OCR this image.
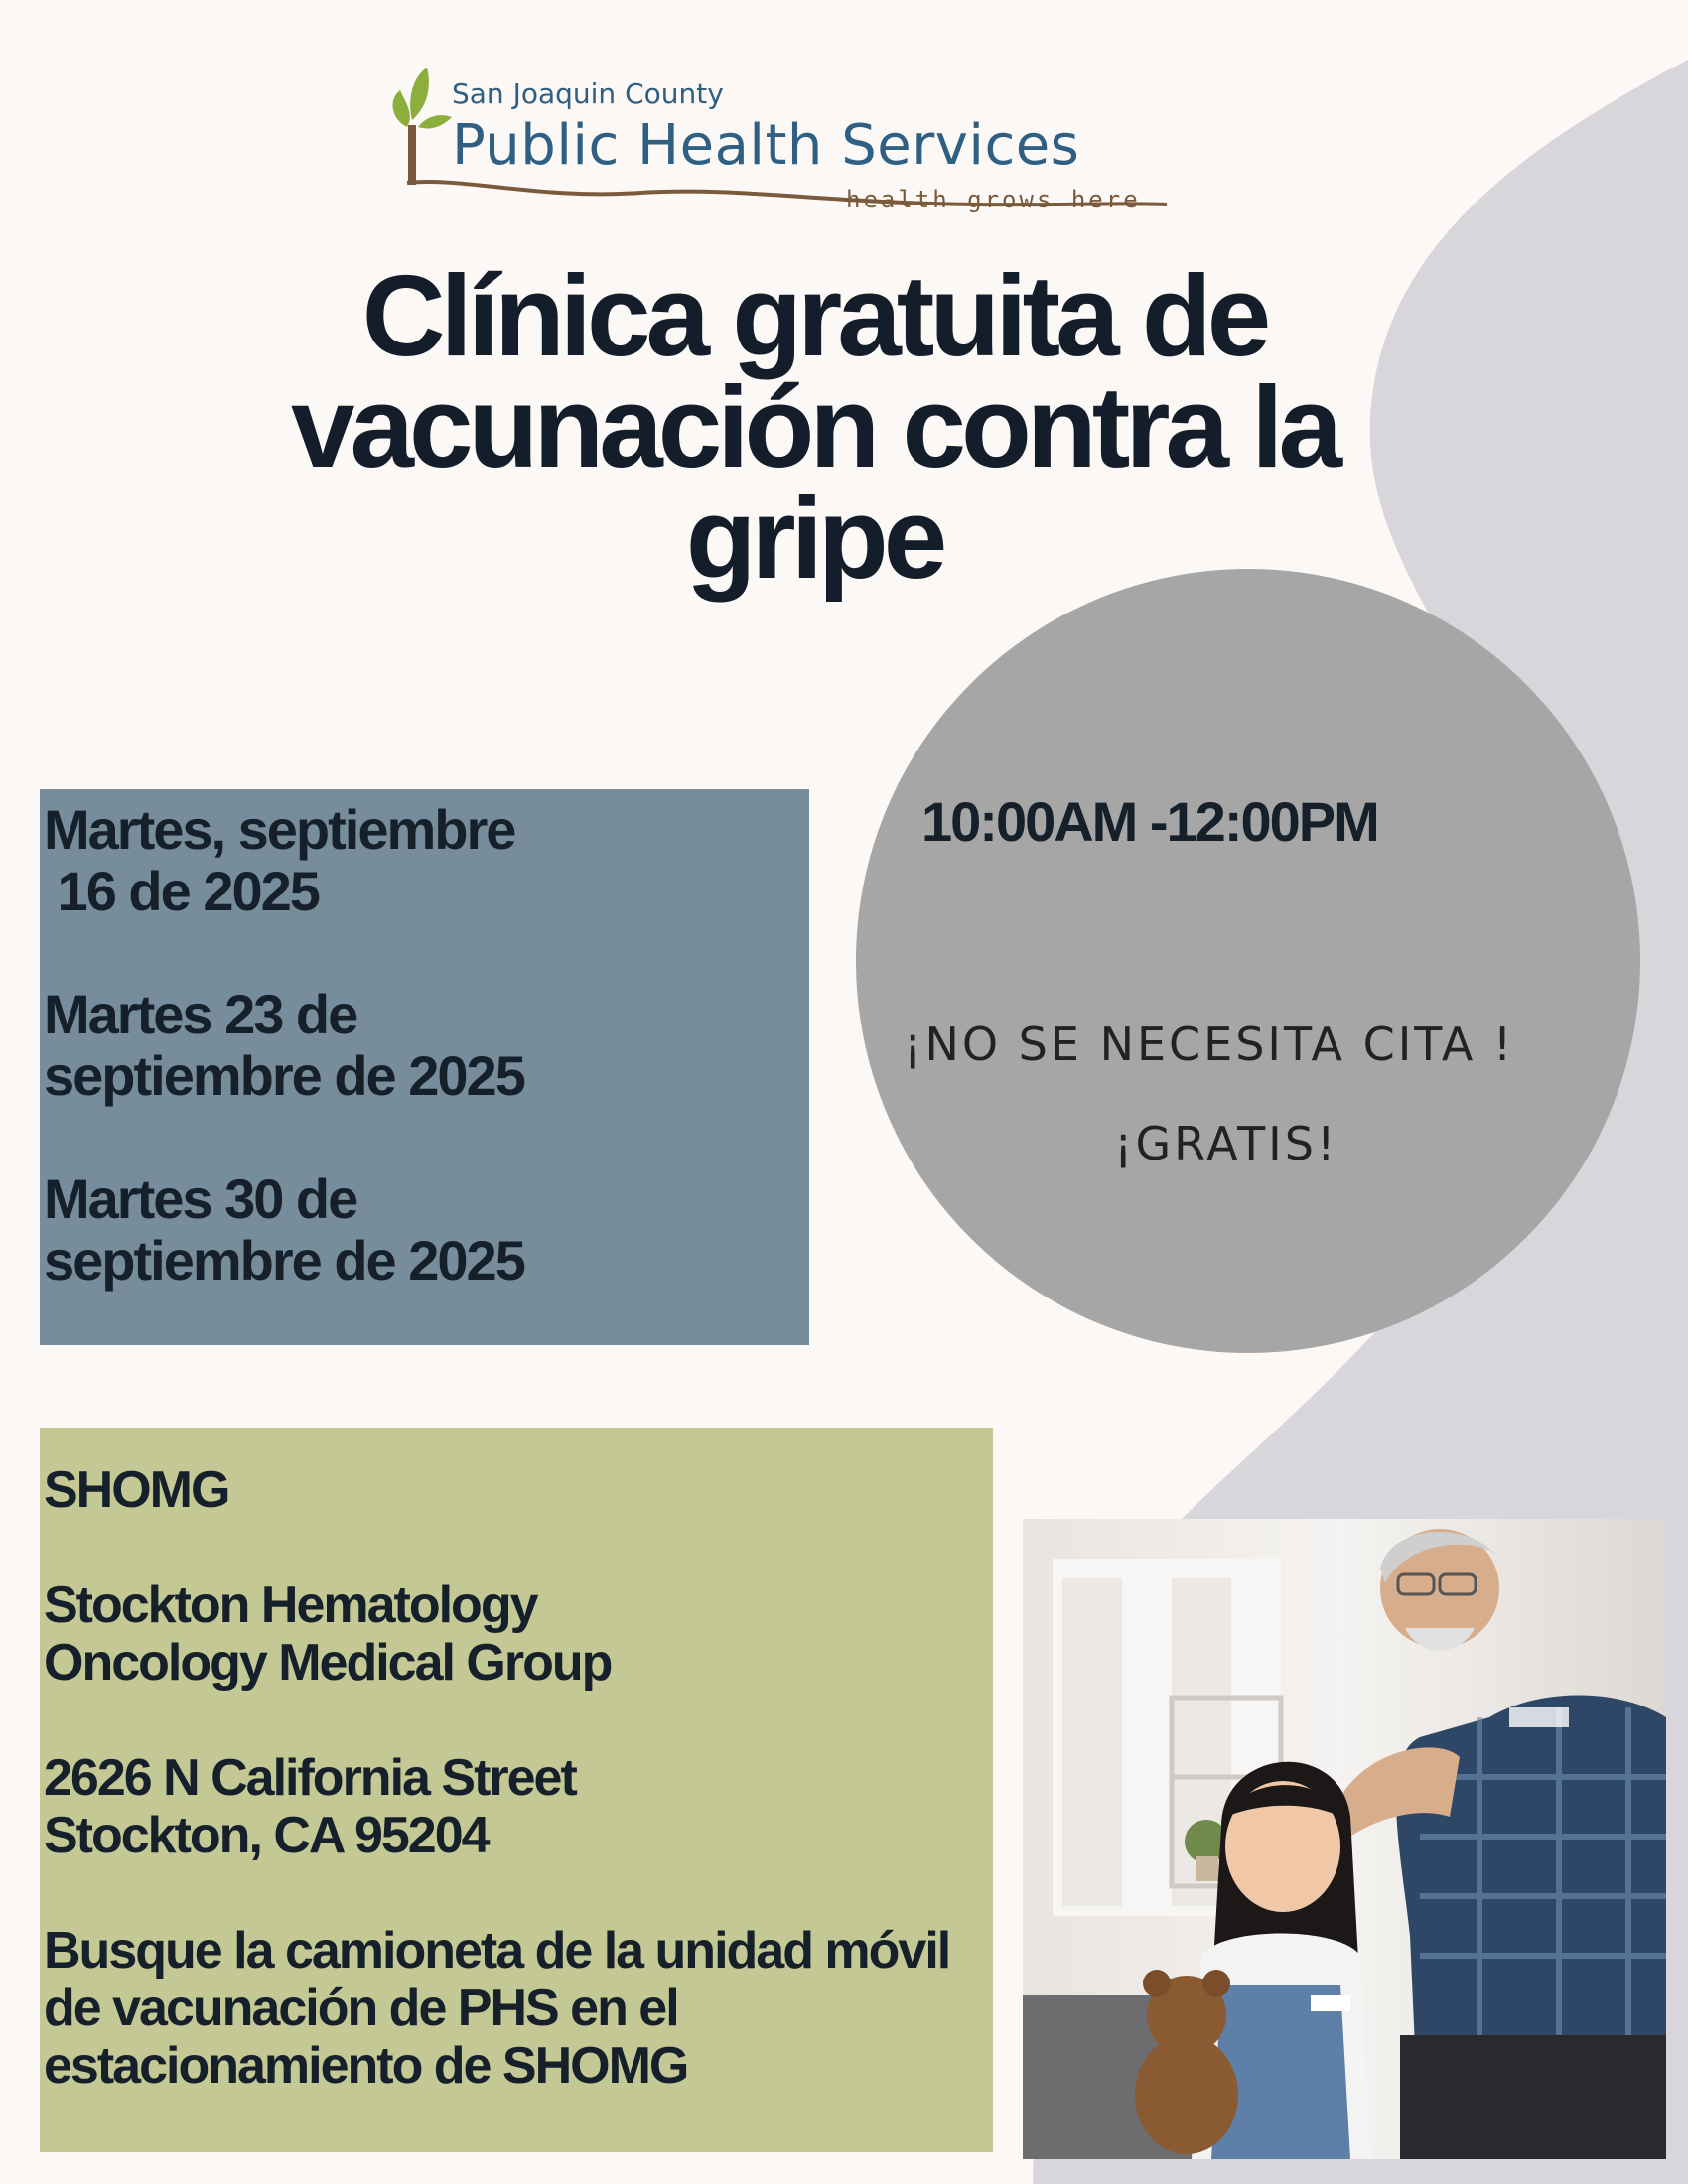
San Joaquin County
Public Health Services
health grows here
Clínica gratuita de
vacunación contra la
gripe

Martes, septiembre
16 de 2025

Martes 23 de
septiembre de 2025

Martes 30 de
septiembre de 2025

10:00AM -12:00PM
¡NO SE NECESITA CITA !
¡GRATIS!

SHOMG

Stockton Hematology
Oncology Medical Group

2626 N California Street
Stockton, CA 95204

Busque la camioneta de la unidad móvil de vacunación de PHS en el estacionamiento de SHOMG
